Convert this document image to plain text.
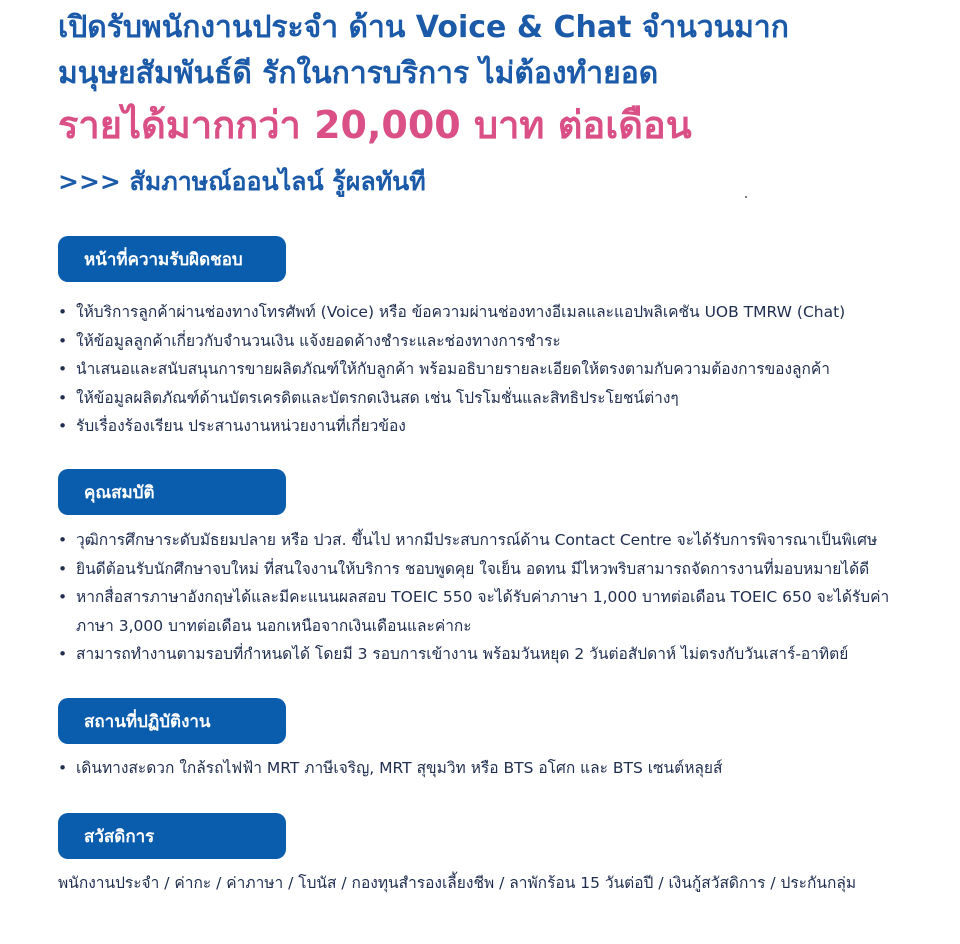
เปิดรับพนักงานประจำ ด้าน Voice & Chat จำนวนมาก

มนุษยสัมพันธ์ดี รักในการบริการ ไม่ต้องทำยอด

รายได้มากกว่า 20,000 บาท ต่อเดือน

>>> สัมภาษณ์ออนไลน์ รู้ผลทันที

หน้าที่ความรับผิดชอบ
• ให้บริการลูกค้าผ่านช่องทางโทรศัพท์ (Voice) หรือ ข้อความผ่านช่องทางอีเมลและแอปพลิเคชัน UOB TMRW (Chat)
• ให้ข้อมูลลูกค้าเกี่ยวกับจำนวนเงิน แจ้งยอดค้างชำระและช่องทางการชำระ
• นำเสนอและสนับสนุนการขายผลิตภัณฑ์ให้กับลูกค้า พร้อมอธิบายรายละเอียดให้ตรงตามกับความต้องการของลูกค้า
• ให้ข้อมูลผลิตภัณฑ์ด้านบัตรเครดิตและบัตรกดเงินสด เช่น โปรโมชั่นและสิทธิประโยชน์ต่างๆ
• รับเรื่องร้องเรียน ประสานงานหน่วยงานที่เกี่ยวข้อง
คุณสมบัติ
• วุฒิการศึกษาระดับมัธยมปลาย หรือ ปวส. ขึ้นไป หากมีประสบการณ์ด้าน Contact Centre จะได้รับการพิจารณาเป็นพิเศษ
• ยินดีต้อนรับนักศึกษาจบใหม่ ที่สนใจงานให้บริการ ชอบพูดคุย ใจเย็น อดทน มีไหวพริบสามารถจัดการงานที่มอบหมายได้ดี
• หากสื่อสารภาษาอังกฤษได้และมีคะแนนผลสอบ TOEIC 550 จะได้รับค่าภาษา 1,000 บาทต่อเดือน TOEIC 650 จะได้รับค่าภาษา 3,000 บาทต่อเดือน นอกเหนือจากเงินเดือนและค่ากะ
• สามารถทำงานตามรอบที่กำหนดได้ โดยมี 3 รอบการเข้างาน พร้อมวันหยุด 2 วันต่อสัปดาห์ ไม่ตรงกับวันเสาร์-อาทิตย์
สถานที่ปฏิบัติงาน
• เดินทางสะดวก ใกล้รถไฟฟ้า MRT ภาษีเจริญ, MRT สุขุมวิท หรือ BTS อโศก และ BTS เซนต์หลุยส์
สวัสดิการ

พนักงานประจำ / ค่ากะ / ค่าภาษา / โบนัส / กองทุนสำรองเลี้ยงชีพ / ลาพักร้อน 15 วันต่อปี / เงินกู้สวัสดิการ / ประกันกลุ่ม
